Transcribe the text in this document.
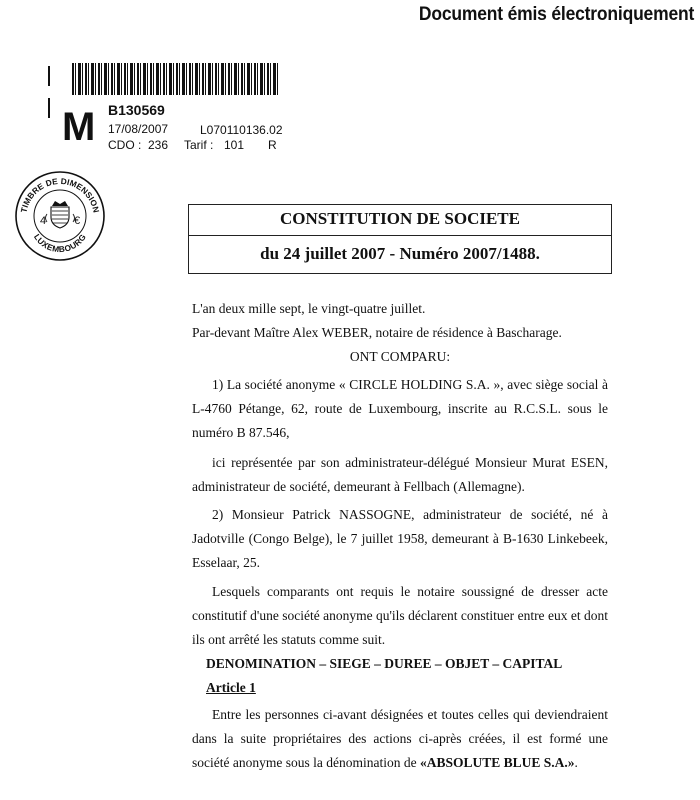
Document émis électroniquement
M B130569
17/08/2007	L070110136.02
CDO : 236 Tarif : 101 R
TIMBRE DE DIMENSION
LUXEMBOURG
4	€	CONSTITUTION DE SOCIETE
du 24 juillet 2007 - Numéro 2007/1488.

L'an deux mille sept, le vingt-quatre juillet.

Par-devant Maître Alex WEBER, notaire de résidence à Bascharage.

ONT COMPARU:

1) La société anonyme « CIRCLE HOLDING S.A. », avec siège social à L-4760 Pétange, 62, route de Luxembourg, inscrite au R.C.S.L. sous le numéro B 87.546,

ici représentée par son administrateur-délégué Monsieur Murat ESEN, administrateur de société, demeurant à Fellbach (Allemagne).

2) Monsieur Patrick NASSOGNE, administrateur de société, né à Jadotville (Congo Belge), le 7 juillet 1958, demeurant à B-1630 Linkebeek, Esselaar, 25.

Lesquels comparants ont requis le notaire soussigné de dresser acte constitutif d'une société anonyme qu'ils déclarent constituer entre eux et dont ils ont arrêté les statuts comme suit.

DENOMINATION – SIEGE – DUREE – OBJET – CAPITAL

Article 1

Entre les personnes ci-avant désignées et toutes celles qui deviendraient dans la suite propriétaires des actions ci-après créées, il est formé une société anonyme sous la dénomination de «ABSOLUTE BLUE S.A.».
